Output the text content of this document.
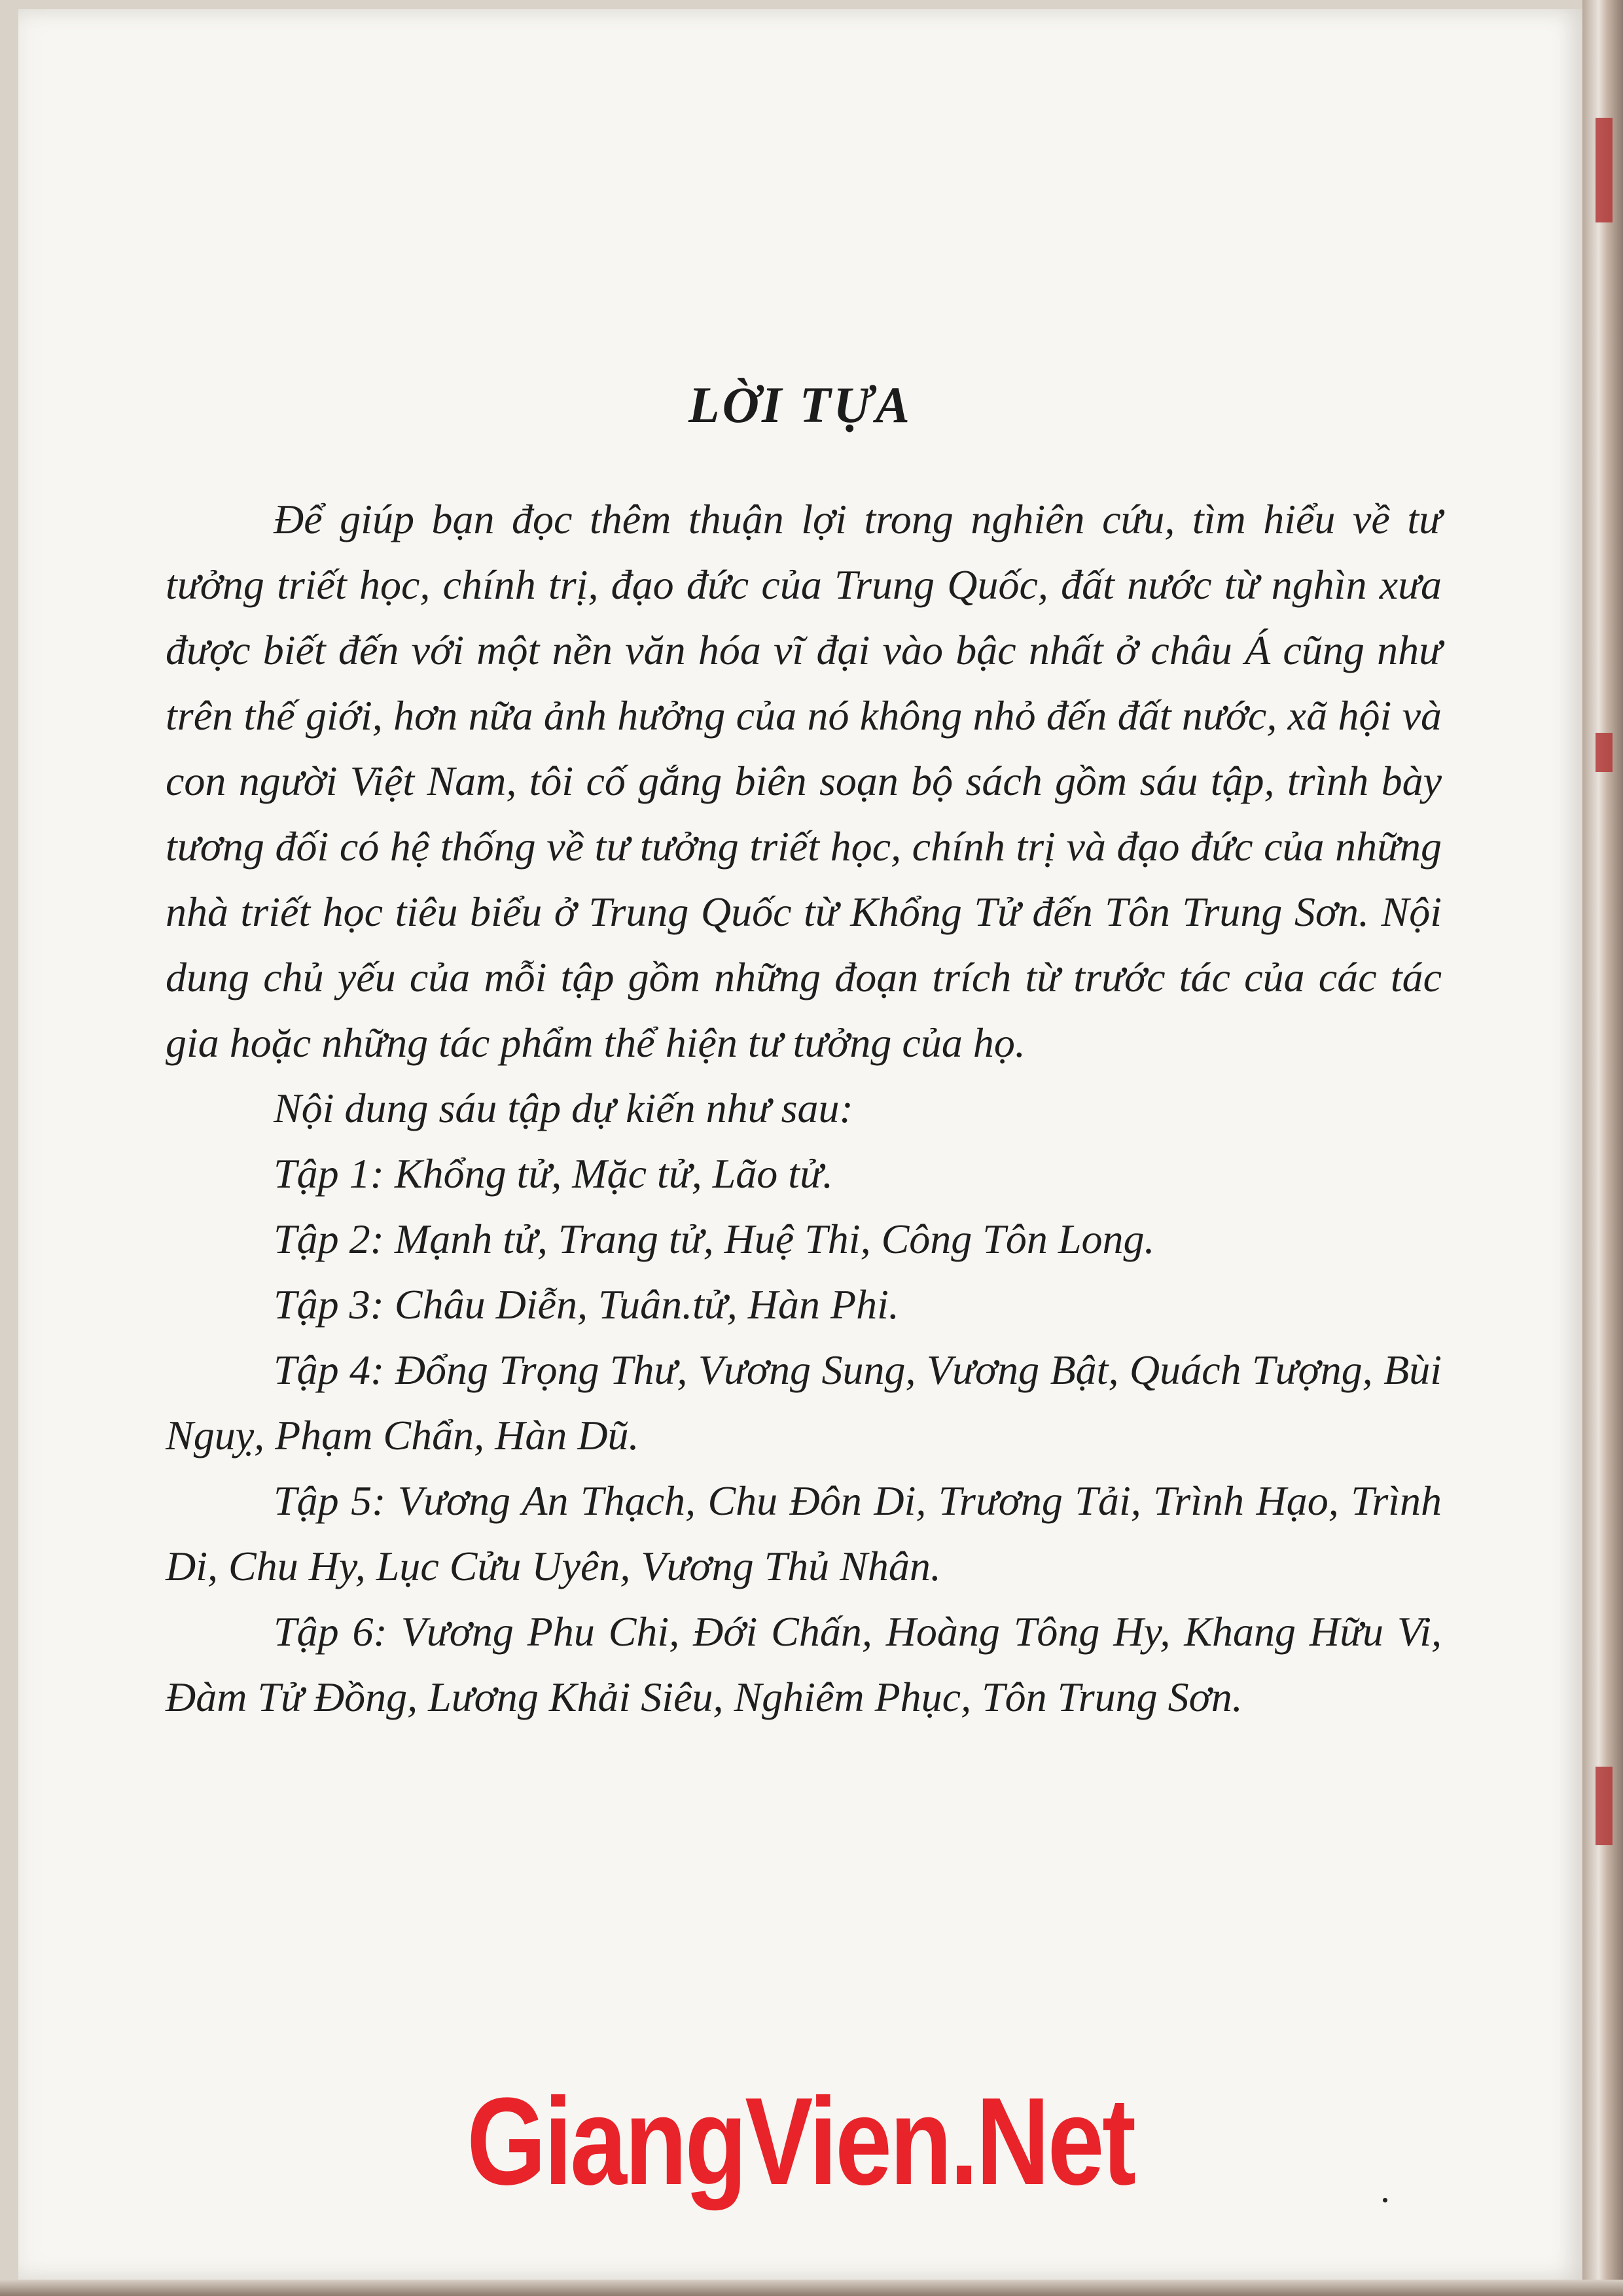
LỜI TỰA

Để giúp bạn đọc thêm thuận lợi trong nghiên cứu, tìm hiểu về tư tưởng triết học, chính trị, đạo đức của Trung Quốc, đất nước từ nghìn xưa được biết đến với một nền văn hóa vĩ đại vào bậc nhất ở châu Á cũng như trên thế giới, hơn nữa ảnh hưởng của nó không nhỏ đến đất nước, xã hội và con người Việt Nam, tôi cố gắng biên soạn bộ sách gồm sáu tập, trình bày tương đối có hệ thống về tư tưởng triết học, chính trị và đạo đức của những nhà triết học tiêu biểu ở Trung Quốc từ Khổng Tử đến Tôn Trung Sơn. Nội dung chủ yếu của mỗi tập gồm những đoạn trích từ trước tác của các tác gia hoặc những tác phẩm thể hiện tư tưởng của họ.

Nội dung sáu tập dự kiến như sau:

Tập 1: Khổng tử, Mặc tử, Lão tử.

Tập 2: Mạnh tử, Trang tử, Huệ Thi, Công Tôn Long.

Tập 3: Châu Diễn, Tuân.tử, Hàn Phi.

Tập 4: Đổng Trọng Thư, Vương Sung, Vương Bật, Quách Tượng, Bùi Nguỵ, Phạm Chẩn, Hàn Dũ.

Tập 5: Vương An Thạch, Chu Đôn Di, Trương Tải, Trình Hạo, Trình Di, Chu Hy, Lục Cửu Uyên, Vương Thủ Nhân.

Tập 6: Vương Phu Chi, Đới Chấn, Hoàng Tông Hy, Khang Hữu Vi, Đàm Tử Đồng, Lương Khải Siêu, Nghiêm Phục, Tôn Trung Sơn.

GiangVien.Net
